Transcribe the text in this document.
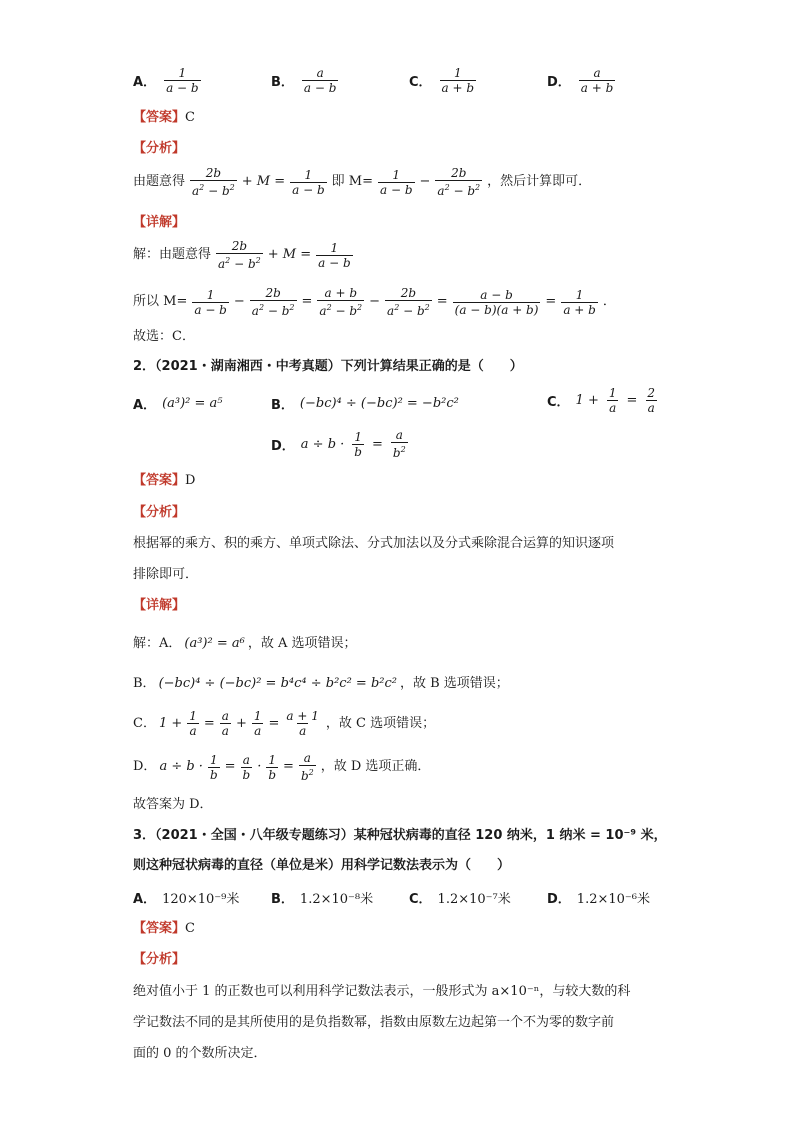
A． $\frac{1}{a - b}$	B． $\frac{a}{a - b}$	C． $\frac{1}{a + b}$	D． $\frac{a}{a + b}$
【答案】C
【分析】
由题意得 $\frac{2b}{a^2 - b^2} + M = \frac{1}{a - b}$ 即 $M= \frac{1}{a - b} - \frac{2b}{a^2 - b^2}$ ，然后计算即可．
【详解】
解：由题意得 $\frac{2b}{a^2 - b^2} + M = \frac{1}{a - b}$
所以 $M= \frac{1}{a - b} - \frac{2b}{a^2 - b^2} = \frac{a + b}{a^2 - b^2} - \frac{2b}{a^2 - b^2} = \frac{a - b}{(a - b)(a + b)} = \frac{1}{a + b}$ ．
故选：C．
2．（2021・湖南湘西・中考真题）下列计算结果正确的是（　　）
A． (a³)² = a⁵	B． (−bc)⁴ ÷ (−bc)² = −b²c²	C． $1 + \frac{1}{a} = \frac{2}{a}$
D． $a \div b \cdot \frac{1}{b} = \frac{a}{b^2}$
【答案】D
【分析】
根据幂的乘方、积的乘方、单项式除法、分式加法以及分式乘除混合运算的知识逐项
排除即可．
【详解】
解：A． (a³)² = a⁶ ，故 A 选项错误；
B． (−bc)⁴ ÷ (−bc)² = b⁴c⁴ ÷ b²c² = b²c² ，故 B 选项错误；
C． $1 + \frac{1}{a} = \frac{a}{a} + \frac{1}{a} = \frac{a + 1}{a}$ ，故 C 选项错误；
D． $a \div b \cdot \frac{1}{b} = \frac{a}{b} \cdot \frac{1}{b} = \frac{a}{b^2}$ ，故 D 选项正确．
故答案为 D．
3．（2021・全国・八年级专题练习）某种冠状病毒的直径 120 纳米，1 纳米 = 10⁻⁹ 米，
则这种冠状病毒的直径（单位是米）用科学记数法表示为（　　）
A． 120×10⁻⁹米 B． 1.2×10⁻⁸米	C． 1.2×10⁻⁷米	D． 1.2×10⁻⁶米
【答案】C
【分析】
绝对值小于 1 的正数也可以利用科学记数法表示，一般形式为 a×10⁻ⁿ，与较大数的科
学记数法不同的是其所使用的是负指数幂，指数由原数左边起第一个不为零的数字前
面的 0 的个数所决定．
